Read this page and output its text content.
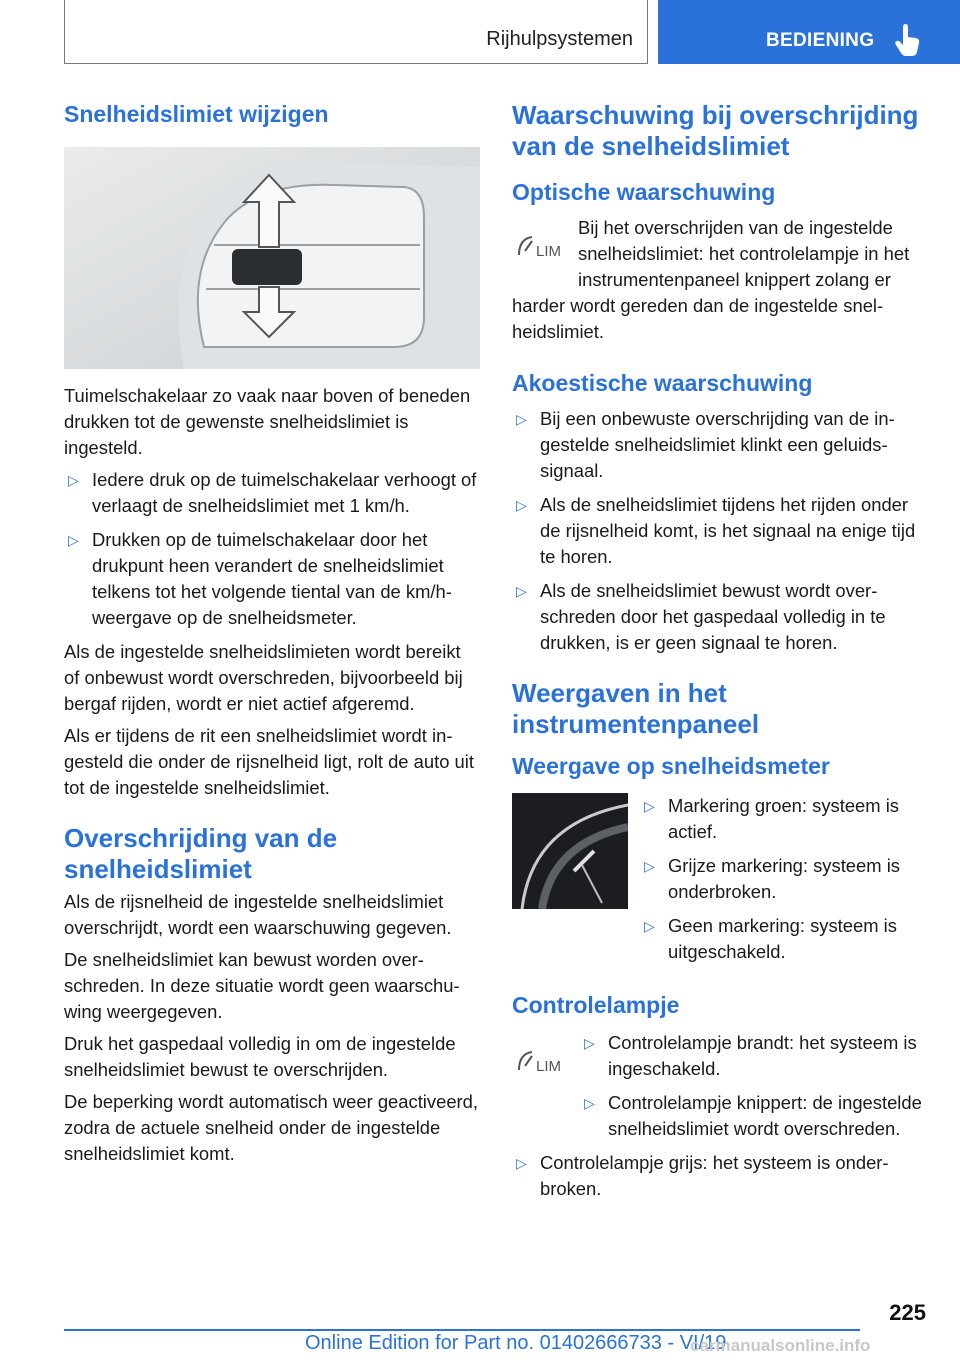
Rijhulpsystemen	BEDIENING
Snelheidslimiet wijzigen

Tuimelschakelaar zo vaak naar boven of beneden drukken tot de gewenste snelheidslimiet is ingesteld.

▷ Iedere druk op de tuimelschakelaar verhoogt of verlaagt de snelheidslimiet met 1 km/h.
▷ Drukken op de tuimelschakelaar door het drukpunt heen verandert de snelheidslimiet telkens tot het volgende tiental van de km/h-weergave op de snelheidsmeter.

Als de ingestelde snelheidslimieten wordt bereikt of onbewust wordt overschreden, bijvoorbeeld bij bergaf rijden, wordt er niet actief afgeremd.

Als er tijdens de rit een snelheidslimiet wordt ingesteld die onder de rijsnelheid ligt, rolt de auto uit tot de ingestelde snelheidslimiet.

Overschrijding van de snelheidslimiet

Als de rijsnelheid de ingestelde snelheidslimiet overschrijdt, wordt een waarschuwing gegeven.

De snelheidslimiet kan bewust worden overschreden. In deze situatie wordt geen waarschuwing weergegeven.

Druk het gaspedaal volledig in om de ingestelde snelheidslimiet bewust te overschrijden.

De beperking wordt automatisch weer geactiveerd, zodra de actuele snelheid onder de ingestelde snelheidslimiet komt.

Waarschuwing bij overschrijding van de snelheidslimiet
Optische waarschuwing
LIM

Bij het overschrijden van de ingestelde snelheidslimiet: het controlelampje in het instrumentenpaneel knippert zolang er

harder wordt gereden dan de ingestelde snelheidslimiet.

Akoestische waarschuwing
▷ Bij een onbewuste overschrijding van de ingestelde snelheidslimiet klinkt een geluidssignaal.
▷ Als de snelheidslimiet tijdens het rijden onder de rijsnelheid komt, is het signaal na enige tijd te horen.
▷ Als de snelheidslimiet bewust wordt overschreden door het gaspedaal volledig in te drukken, is er geen signaal te horen.
Weergaven in het instrumentenpaneel
Weergave op snelheidsmeter
▷ Markering groen: systeem is actief.
▷ Grijze markering: systeem is onderbroken.
▷ Geen markering: systeem is uitgeschakeld.
Controlelampje
LIM
▷ Controlelampje brandt: het systeem is ingeschakeld.
▷ Controlelampje knippert: de ingestelde snelheidslimiet wordt overschreden.
▷ Controlelampje grijs: het systeem is onderbroken.
225
Online Edition for Part no. 01402666733 - VI/19
carmanualsonline.info
